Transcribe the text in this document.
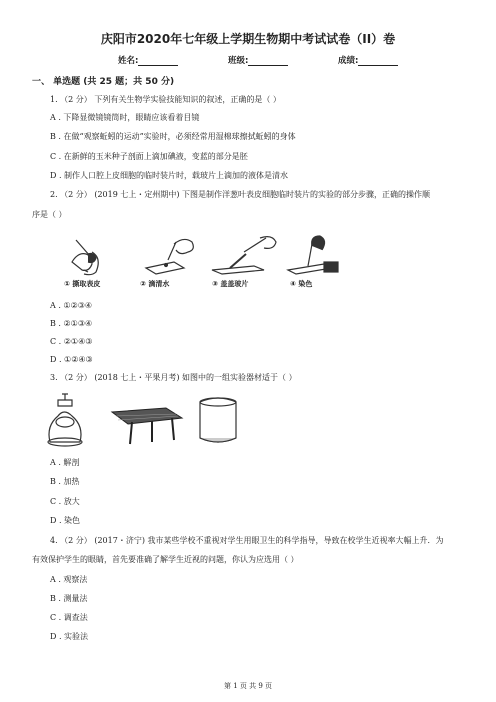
庆阳市2020年七年级上学期生物期中考试试卷（II）卷
姓名:	班级:	成绩:
一、 单选题 (共 25 题；共 50 分)
1. （2 分） 下列有关生物学实验技能知识的叙述，正确的是（ ）
A . 下降显微镜镜筒时，眼睛应该看着目镜
B . 在做“观察蚯蚓的运动”实验时，必须经常用湿棉球擦拭蚯蚓的身体
C . 在新鲜的玉米种子剖面上滴加碘液，变蓝的部分是胚
D . 制作人口腔上皮细胞的临时装片时，载玻片上滴加的液体是清水
2. （2 分） (2019 七上・定州期中) 下图是制作洋葱叶表皮细胞临时装片的实验的部分步骤，正确的操作顺
序是（ ）
① 撕取表皮	② 滴清水	③ 盖盖玻片	④ 染色
A . ①②③④
B . ②①③④
C . ②①④③
D . ①②④③
3. （2 分） (2018 七上・平果月考) 如图中的一组实验器材适于（ ）
A . 解剖
B . 加热
C . 放大
D . 染色
4. （2 分） (2017・济宁) 我市某些学校不重视对学生用眼卫生的科学指导，导致在校学生近视率大幅上升．为
有效保护学生的眼睛，首先要准确了解学生近视的问题，你认为应选用（ ）
A . 观察法
B . 测量法
C . 调查法
D . 实验法
第 1 页 共 9 页
